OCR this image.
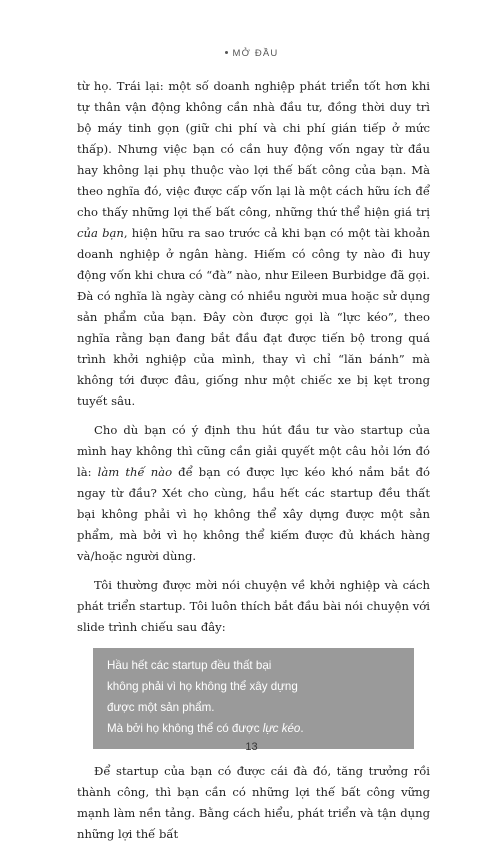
MỞ ĐẦU

từ họ. Trái lại: một số doanh nghiệp phát triển tốt hơn khi tự thân vận động không cần nhà đầu tư, đồng thời duy trì bộ máy tinh gọn (giữ chi phí và chi phí gián tiếp ở mức thấp). Nhưng việc bạn có cần huy động vốn ngay từ đầu hay không lại phụ thuộc vào lợi thế bất công của bạn. Mà theo nghĩa đó, việc được cấp vốn lại là một cách hữu ích để cho thấy những lợi thế bất công, những thứ thể hiện giá trị của bạn, hiện hữu ra sao trước cả khi bạn có một tài khoản doanh nghiệp ở ngân hàng. Hiếm có công ty nào đi huy động vốn khi chưa có “đà” nào, như Eileen Burbidge đã gọi. Đà có nghĩa là ngày càng có nhiều người mua hoặc sử dụng sản phẩm của bạn. Đây còn được gọi là “lực kéo”, theo nghĩa rằng bạn đang bắt đầu đạt được tiến bộ trong quá trình khởi nghiệp của mình, thay vì chỉ “lăn bánh” mà không tới được đâu, giống như một chiếc xe bị kẹt trong tuyết sâu.

Cho dù bạn có ý định thu hút đầu tư vào startup của mình hay không thì cũng cần giải quyết một câu hỏi lớn đó là: làm thế nào để bạn có được lực kéo khó nắm bắt đó ngay từ đầu? Xét cho cùng, hầu hết các startup đều thất bại không phải vì họ không thể xây dựng được một sản phẩm, mà bởi vì họ không thể kiếm được đủ khách hàng và/hoặc người dùng.

Tôi thường được mời nói chuyện về khởi nghiệp và cách phát triển startup. Tôi luôn thích bắt đầu bài nói chuyện với slide trình chiếu sau đây:

Hầu hết các startup đều thất bại
không phải vì họ không thể xây dựng
được một sản phẩm.
Mà bởi họ không thể có được lực kéo.

Để startup của bạn có được cái đà đó, tăng trưởng rồi thành công, thì bạn cần có những lợi thế bất công vững mạnh làm nền tảng. Bằng cách hiểu, phát triển và tận dụng những lợi thế bất

13
